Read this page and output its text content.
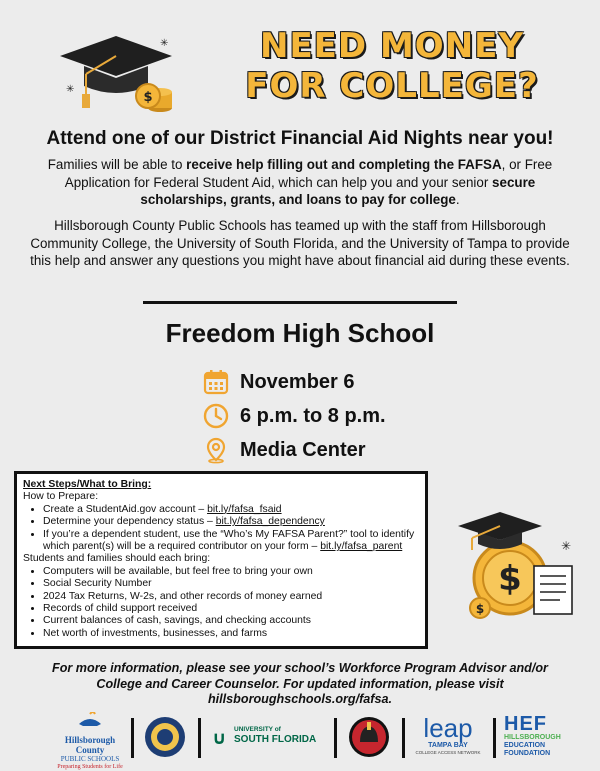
$
✳
✳
NEED MONEY
FOR COLLEGE?
Attend one of our District Financial Aid Nights near you!
Families will be able to receive help filling out and completing the FAFSA, or Free Application for Federal Student Aid, which can help you and your senior secure scholarships, grants, and loans to pay for college.
Hillsborough County Public Schools has teamed up with the staff from Hillsborough Community College, the University of South Florida, and the University of Tampa to provide this help and answer any questions you might have about financial aid during these events.
Freedom High School
November 6
6 p.m. to 8 p.m.
Media Center
Next Steps/What to Bring:
How to Prepare:
• Create a StudentAid.gov account – bit.ly/fafsa_fsaid
• Determine your dependency status – bit.ly/fafsa_dependency
• If you’re a dependent student, use the “Who’s My FAFSA Parent?” tool to identify which parent(s) will be a required contributor on your form – bit.ly/fafsa_parent
Students and families should each bring:
• Computers will be available, but feel free to bring your own
• Social Security Number
• 2024 Tax Returns, W-2s, and other records of money earned
• Records of child support received
• Current balances of cash, savings, and checking accounts
• Net worth of investments, businesses, and farms
$
$
✳
For more information, please see your school’s Workforce Program Advisor and/or College and Career Counselor. For updated information, please visit hillsboroughschools.org/fafsa.
Hillsborough County
PUBLIC SCHOOLS
Preparing Students for Life
∪ UNIVERSITY of
SOUTH FLORIDA	leap
TAMPA BAY
COLLEGE ACCESS NETWORK
HEF
HILLSBOROUGH
EDUCATION
FOUNDATION
